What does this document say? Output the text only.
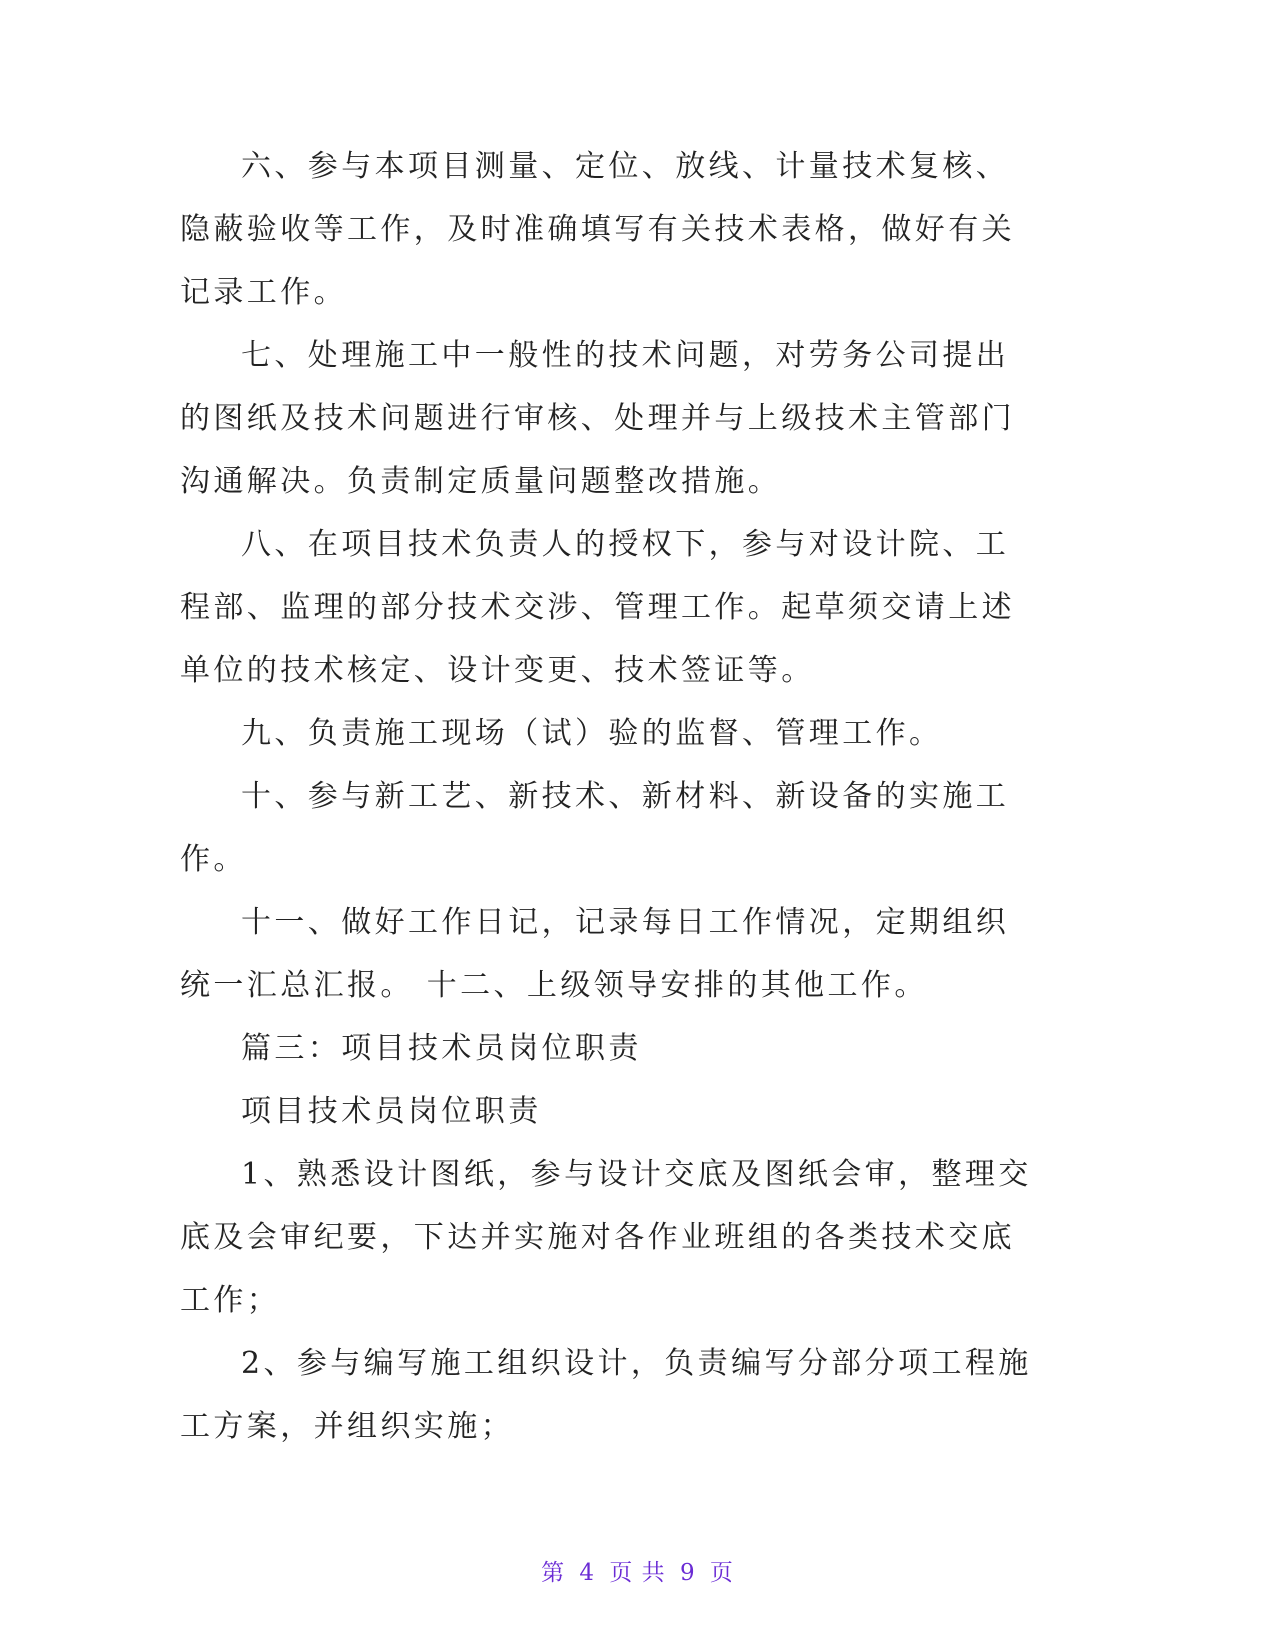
六、参与本项目测量、定位、放线、计量技术复核、隐蔽验收等工作，及时准确填写有关技术表格，做好有关记录工作。

七、处理施工中一般性的技术问题，对劳务公司提出的图纸及技术问题进行审核、处理并与上级技术主管部门沟通解决。负责制定质量问题整改措施。

八、在项目技术负责人的授权下，参与对设计院、工程部、监理的部分技术交涉、管理工作。起草须交请上述单位的技术核定、设计变更、技术签证等。

九、负责施工现场（试）验的监督、管理工作。

十、参与新工艺、新技术、新材料、新设备的实施工作。

十一、做好工作日记，记录每日工作情况，定期组织统一汇总汇报。 十二、上级领导安排的其他工作。

篇三：项目技术员岗位职责

项目技术员岗位职责

1、熟悉设计图纸，参与设计交底及图纸会审，整理交底及会审纪要，下达并实施对各作业班组的各类技术交底工作；

2、参与编写施工组织设计，负责编写分部分项工程施工方案，并组织实施；

第 4 页 共 9 页
